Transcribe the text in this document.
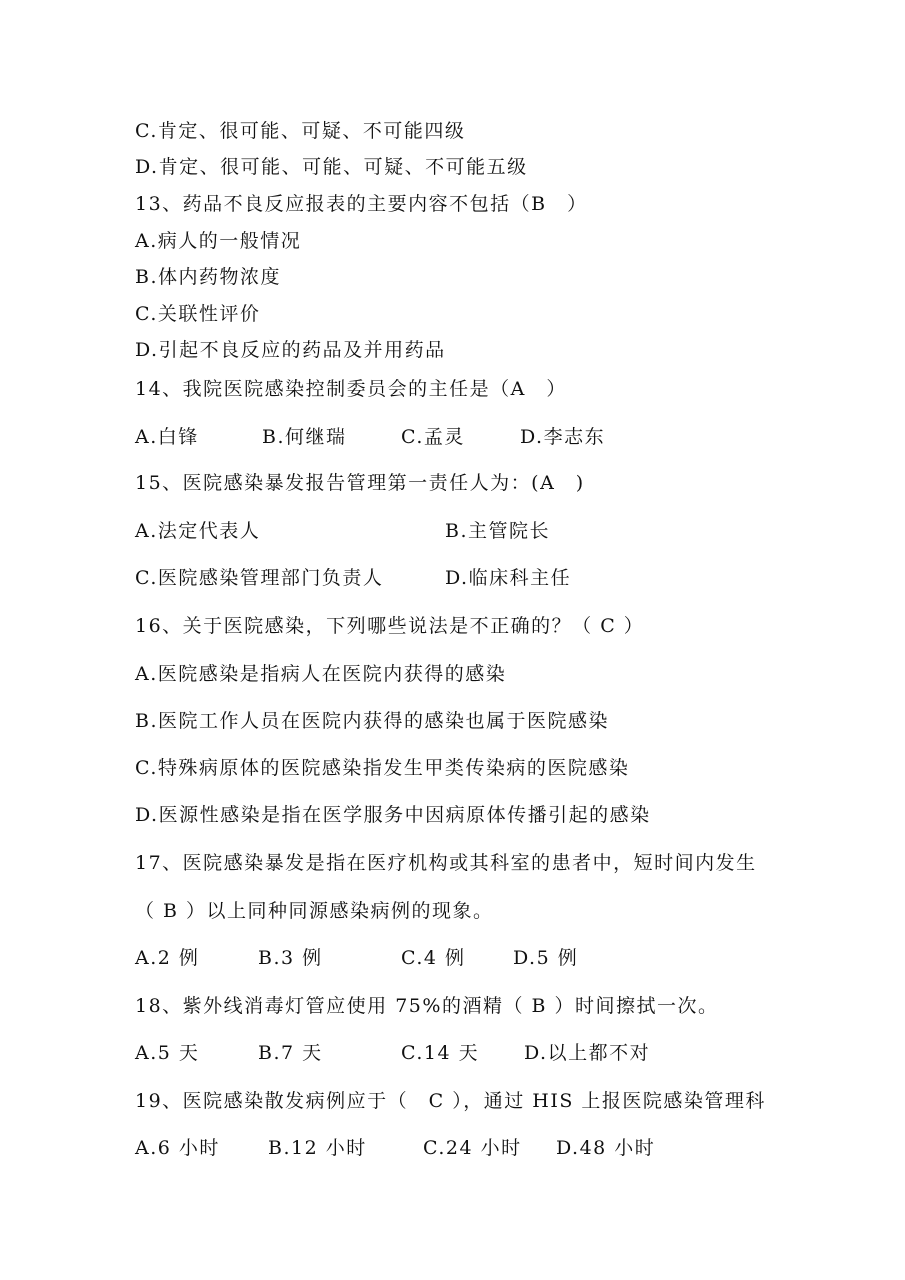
C.肯定、很可能、可疑、不可能四级
D.肯定、很可能、可能、可疑、不可能五级
13、药品不良反应报表的主要内容不包括（B　）
A.病人的一般情况
B.体内药物浓度
C.关联性评价
D.引起不良反应的药品及并用药品
14、我院医院感染控制委员会的主任是（A　）
A.白锋	B.何继瑞	C.孟灵	D.李志东
15、医院感染暴发报告管理第一责任人为：(A　)
A.法定代表人	B.主管院长
C.医院感染管理部门负责人	D.临床科主任
16、关于医院感染，下列哪些说法是不正确的？（ C ）
A.医院感染是指病人在医院内获得的感染
B.医院工作人员在医院内获得的感染也属于医院感染
C.特殊病原体的医院感染指发生甲类传染病的医院感染
D.医源性感染是指在医学服务中因病原体传播引起的感染
17、医院感染暴发是指在医疗机构或其科室的患者中，短时间内发生
（ B ）以上同种同源感染病例的现象。
A.2 例	B.3 例	C.4 例 D.5 例
18、紫外线消毒灯管应使用 75%的酒精（ B ）时间擦拭一次。
A.5 天	B.7 天	C.14 天 D.以上都不对
19、医院感染散发病例应于（　C ），通过 HIS 上报医院感染管理科
A.6 小时	B.12 小时	C.24 小时 D.48 小时
